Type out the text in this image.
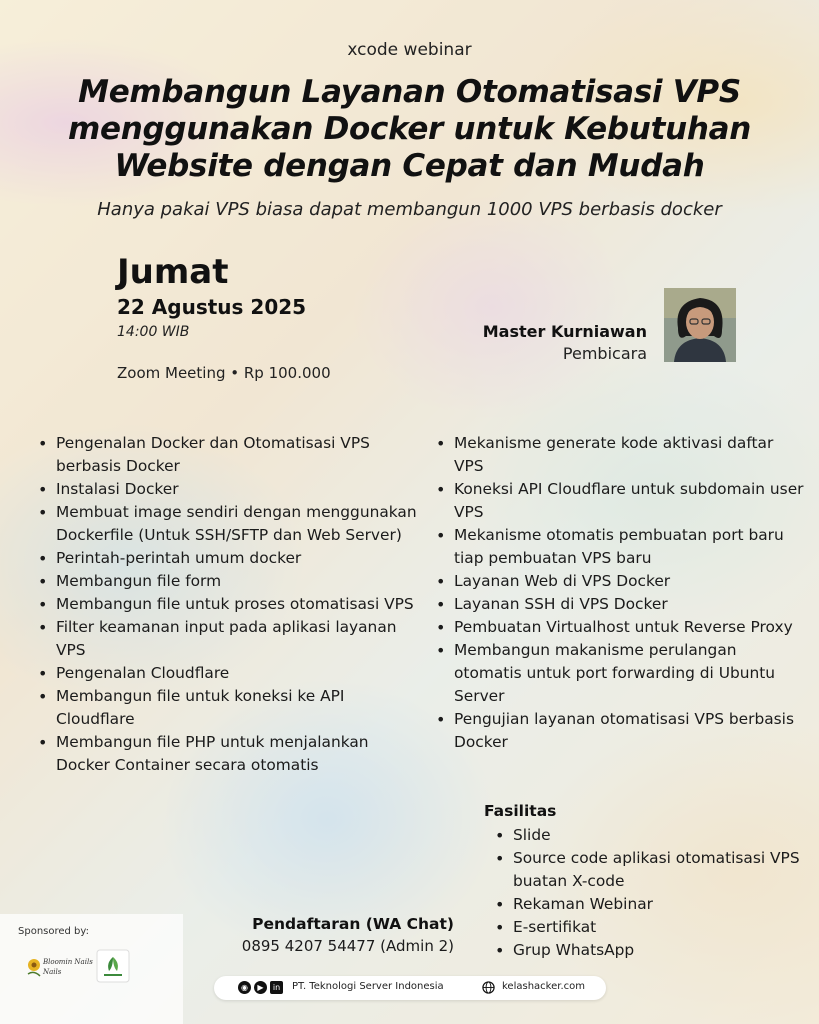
xcode webinar
Membangun Layanan Otomatisasi VPS
menggunakan Docker untuk Kebutuhan
Website dengan Cepat dan Mudah
Hanya pakai VPS biasa dapat membangun 1000 VPS berbasis docker
Jumat
22 Agustus 2025
14:00 WIB
Zoom Meeting • Rp 100.000
Master Kurniawan
Pembicara
• Pengenalan Docker dan Otomatisasi VPS berbasis Docker
• Instalasi Docker
• Membuat image sendiri dengan menggunakan Dockerfile (Untuk SSH/SFTP dan Web Server)
• Perintah-perintah umum docker
• Membangun file form
• Membangun file untuk proses otomatisasi VPS
• Filter keamanan input pada aplikasi layanan VPS
• Pengenalan Cloudflare
• Membangun file untuk koneksi ke API Cloudflare
• Membangun file PHP untuk menjalankan Docker Container secara otomatis
• Mekanisme generate kode aktivasi daftar VPS
• Koneksi API Cloudflare untuk subdomain user VPS
• Mekanisme otomatis pembuatan port baru tiap pembuatan VPS baru
• Layanan Web di VPS Docker
• Layanan SSH di VPS Docker
• Pembuatan Virtualhost untuk Reverse Proxy
• Membangun makanisme perulangan otomatis untuk port forwarding di Ubuntu Server
• Pengujian layanan otomatisasi VPS berbasis Docker
Fasilitas
• Slide
• Source code aplikasi otomatisasi VPS buatan X-code
• Rekaman Webinar
• E-sertifikat
• Grup WhatsApp
Pendaftaran (WA Chat)
0895 4207 54477 (Admin 2)
Sponsored by:
Bloomin Nails
Nails
◉	▶	in PT. Teknologi Server Indonesia	kelashacker.com
